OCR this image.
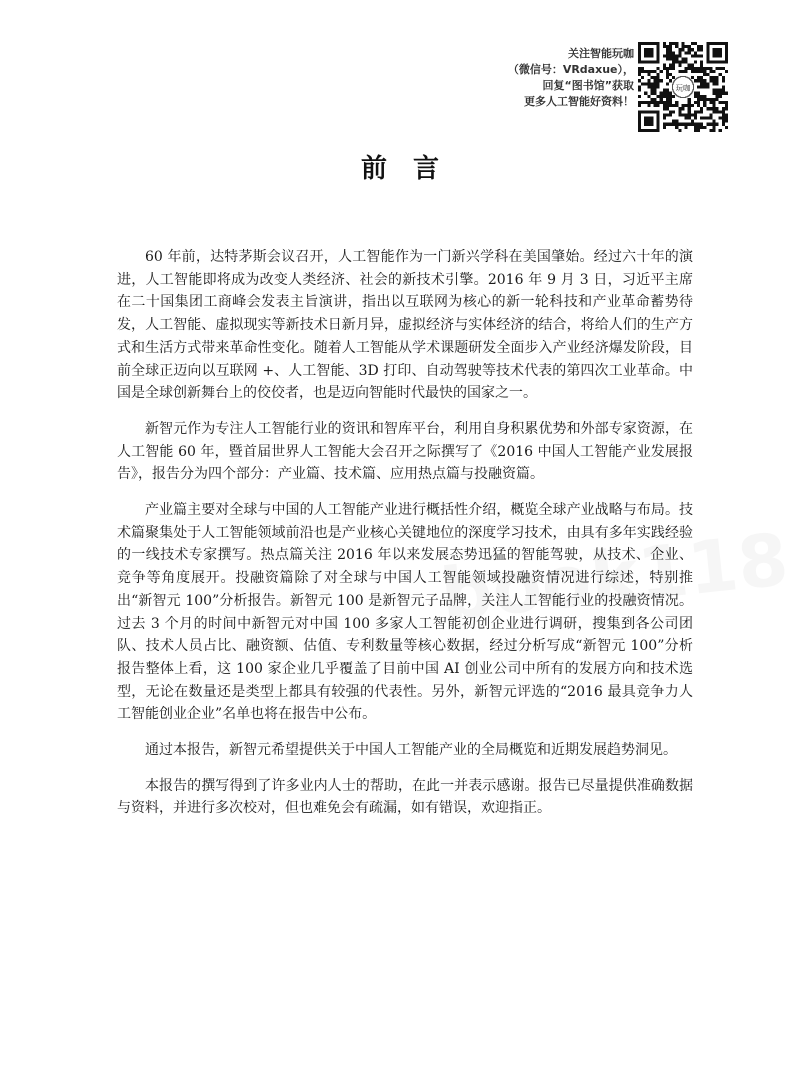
关注智能玩咖
（微信号：VRdaxue），
回复“图书馆”获取
更多人工智能好资料！
玩咖
前言

60 年前，达特茅斯会议召开，人工智能作为一门新兴学科在美国肇始。经过六十年的演进，人工智能即将成为改变人类经济、社会的新技术引擎。2016 年 9 月 3 日，习近平主席在二十国集团工商峰会发表主旨演讲，指出以互联网为核心的新一轮科技和产业革命蓄势待发，人工智能、虚拟现实等新技术日新月异，虚拟经济与实体经济的结合，将给人们的生产方式和生活方式带来革命性变化。随着人工智能从学术课题研发全面步入产业经济爆发阶段，目前全球正迈向以互联网 +、人工智能、3D 打印、自动驾驶等技术代表的第四次工业革命。中国是全球创新舞台上的佼佼者，也是迈向智能时代最快的国家之一。

新智元作为专注人工智能行业的资讯和智库平台，利用自身积累优势和外部专家资源，在人工智能 60 年，暨首届世界人工智能大会召开之际撰写了《2016 中国人工智能产业发展报告》，报告分为四个部分：产业篇、技术篇、应用热点篇与投融资篇。

产业篇主要对全球与中国的人工智能产业进行概括性介绍，概览全球产业战略与布局。技术篇聚集处于人工智能领域前沿也是产业核心关键地位的深度学习技术，由具有多年实践经验的一线技术专家撰写。热点篇关注 2016 年以来发展态势迅猛的智能驾驶，从技术、企业、竞争等角度展开。投融资篇除了对全球与中国人工智能领域投融资情况进行综述，特别推出“新智元 100”分析报告。新智元 100 是新智元子品牌，关注人工智能行业的投融资情况。过去 3 个月的时间中新智元对中国 100 多家人工智能初创企业进行调研，搜集到各公司团队、技术人员占比、融资额、估值、专利数量等核心数据，经过分析写成“新智元 100”分析报告整体上看，这 100 家企业几乎覆盖了目前中国 AI 创业公司中所有的发展方向和技术选型，无论在数量还是类型上都具有较强的代表性。另外，新智元评选的“2016 最具竞争力人工智能创业企业”名单也将在报告中公布。

通过本报告，新智元希望提供关于中国人工智能产业的全局概览和近期发展趋势洞见。

本报告的撰写得到了许多业内人士的帮助，在此一并表示感谢。报告已尽量提供准确数据与资料，并进行多次校对，但也难免会有疏漏，如有错误，欢迎指正。
